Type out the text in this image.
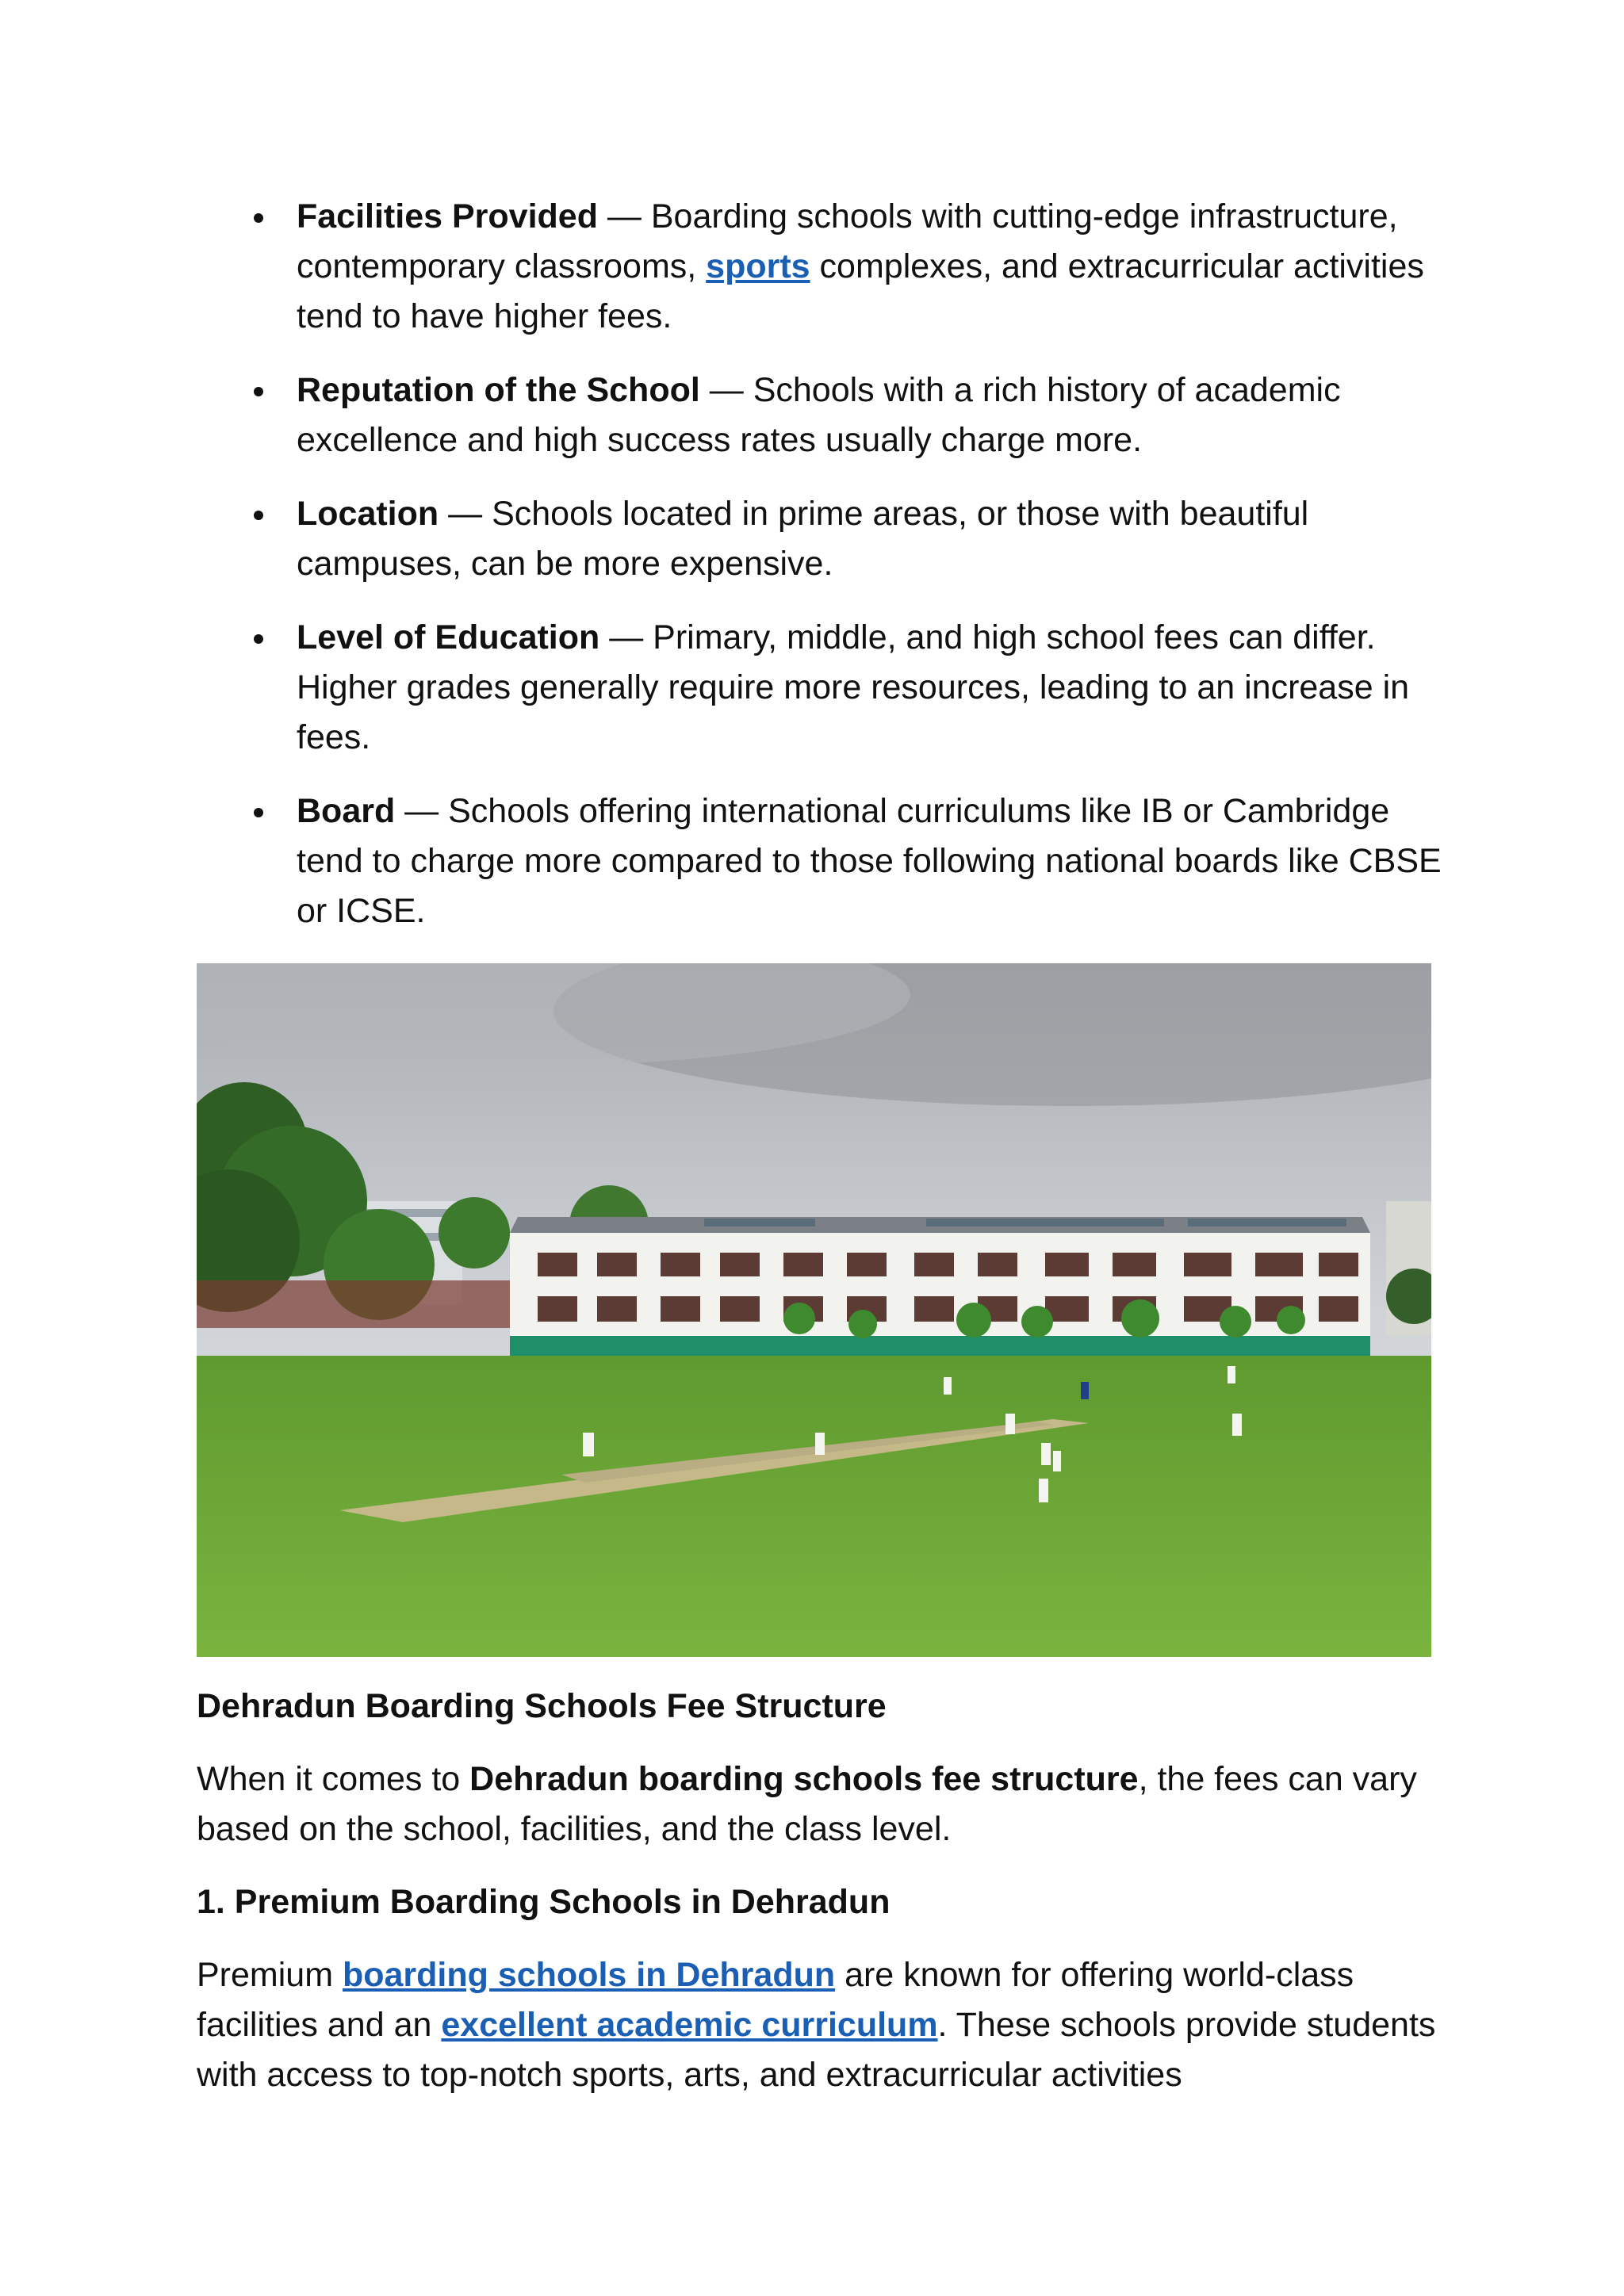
Facilities Provided — Boarding schools with cutting-edge infrastructure, contemporary classrooms, sports complexes, and extracurricular activities tend to have higher fees.
Reputation of the School — Schools with a rich history of academic excellence and high success rates usually charge more.
Location — Schools located in prime areas, or those with beautiful campuses, can be more expensive.
Level of Education — Primary, middle, and high school fees can differ. Higher grades generally require more resources, leading to an increase in fees.
Board — Schools offering international curriculums like IB or Cambridge tend to charge more compared to those following national boards like CBSE or ICSE.
Dehradun Boarding Schools Fee Structure

When it comes to Dehradun boarding schools fee structure, the fees can vary based on the school, facilities, and the class level.

1. Premium Boarding Schools in Dehradun

Premium boarding schools in Dehradun are known for offering world-class facilities and an excellent academic curriculum. These schools provide students with access to top-notch sports, arts, and extracurricular activities
